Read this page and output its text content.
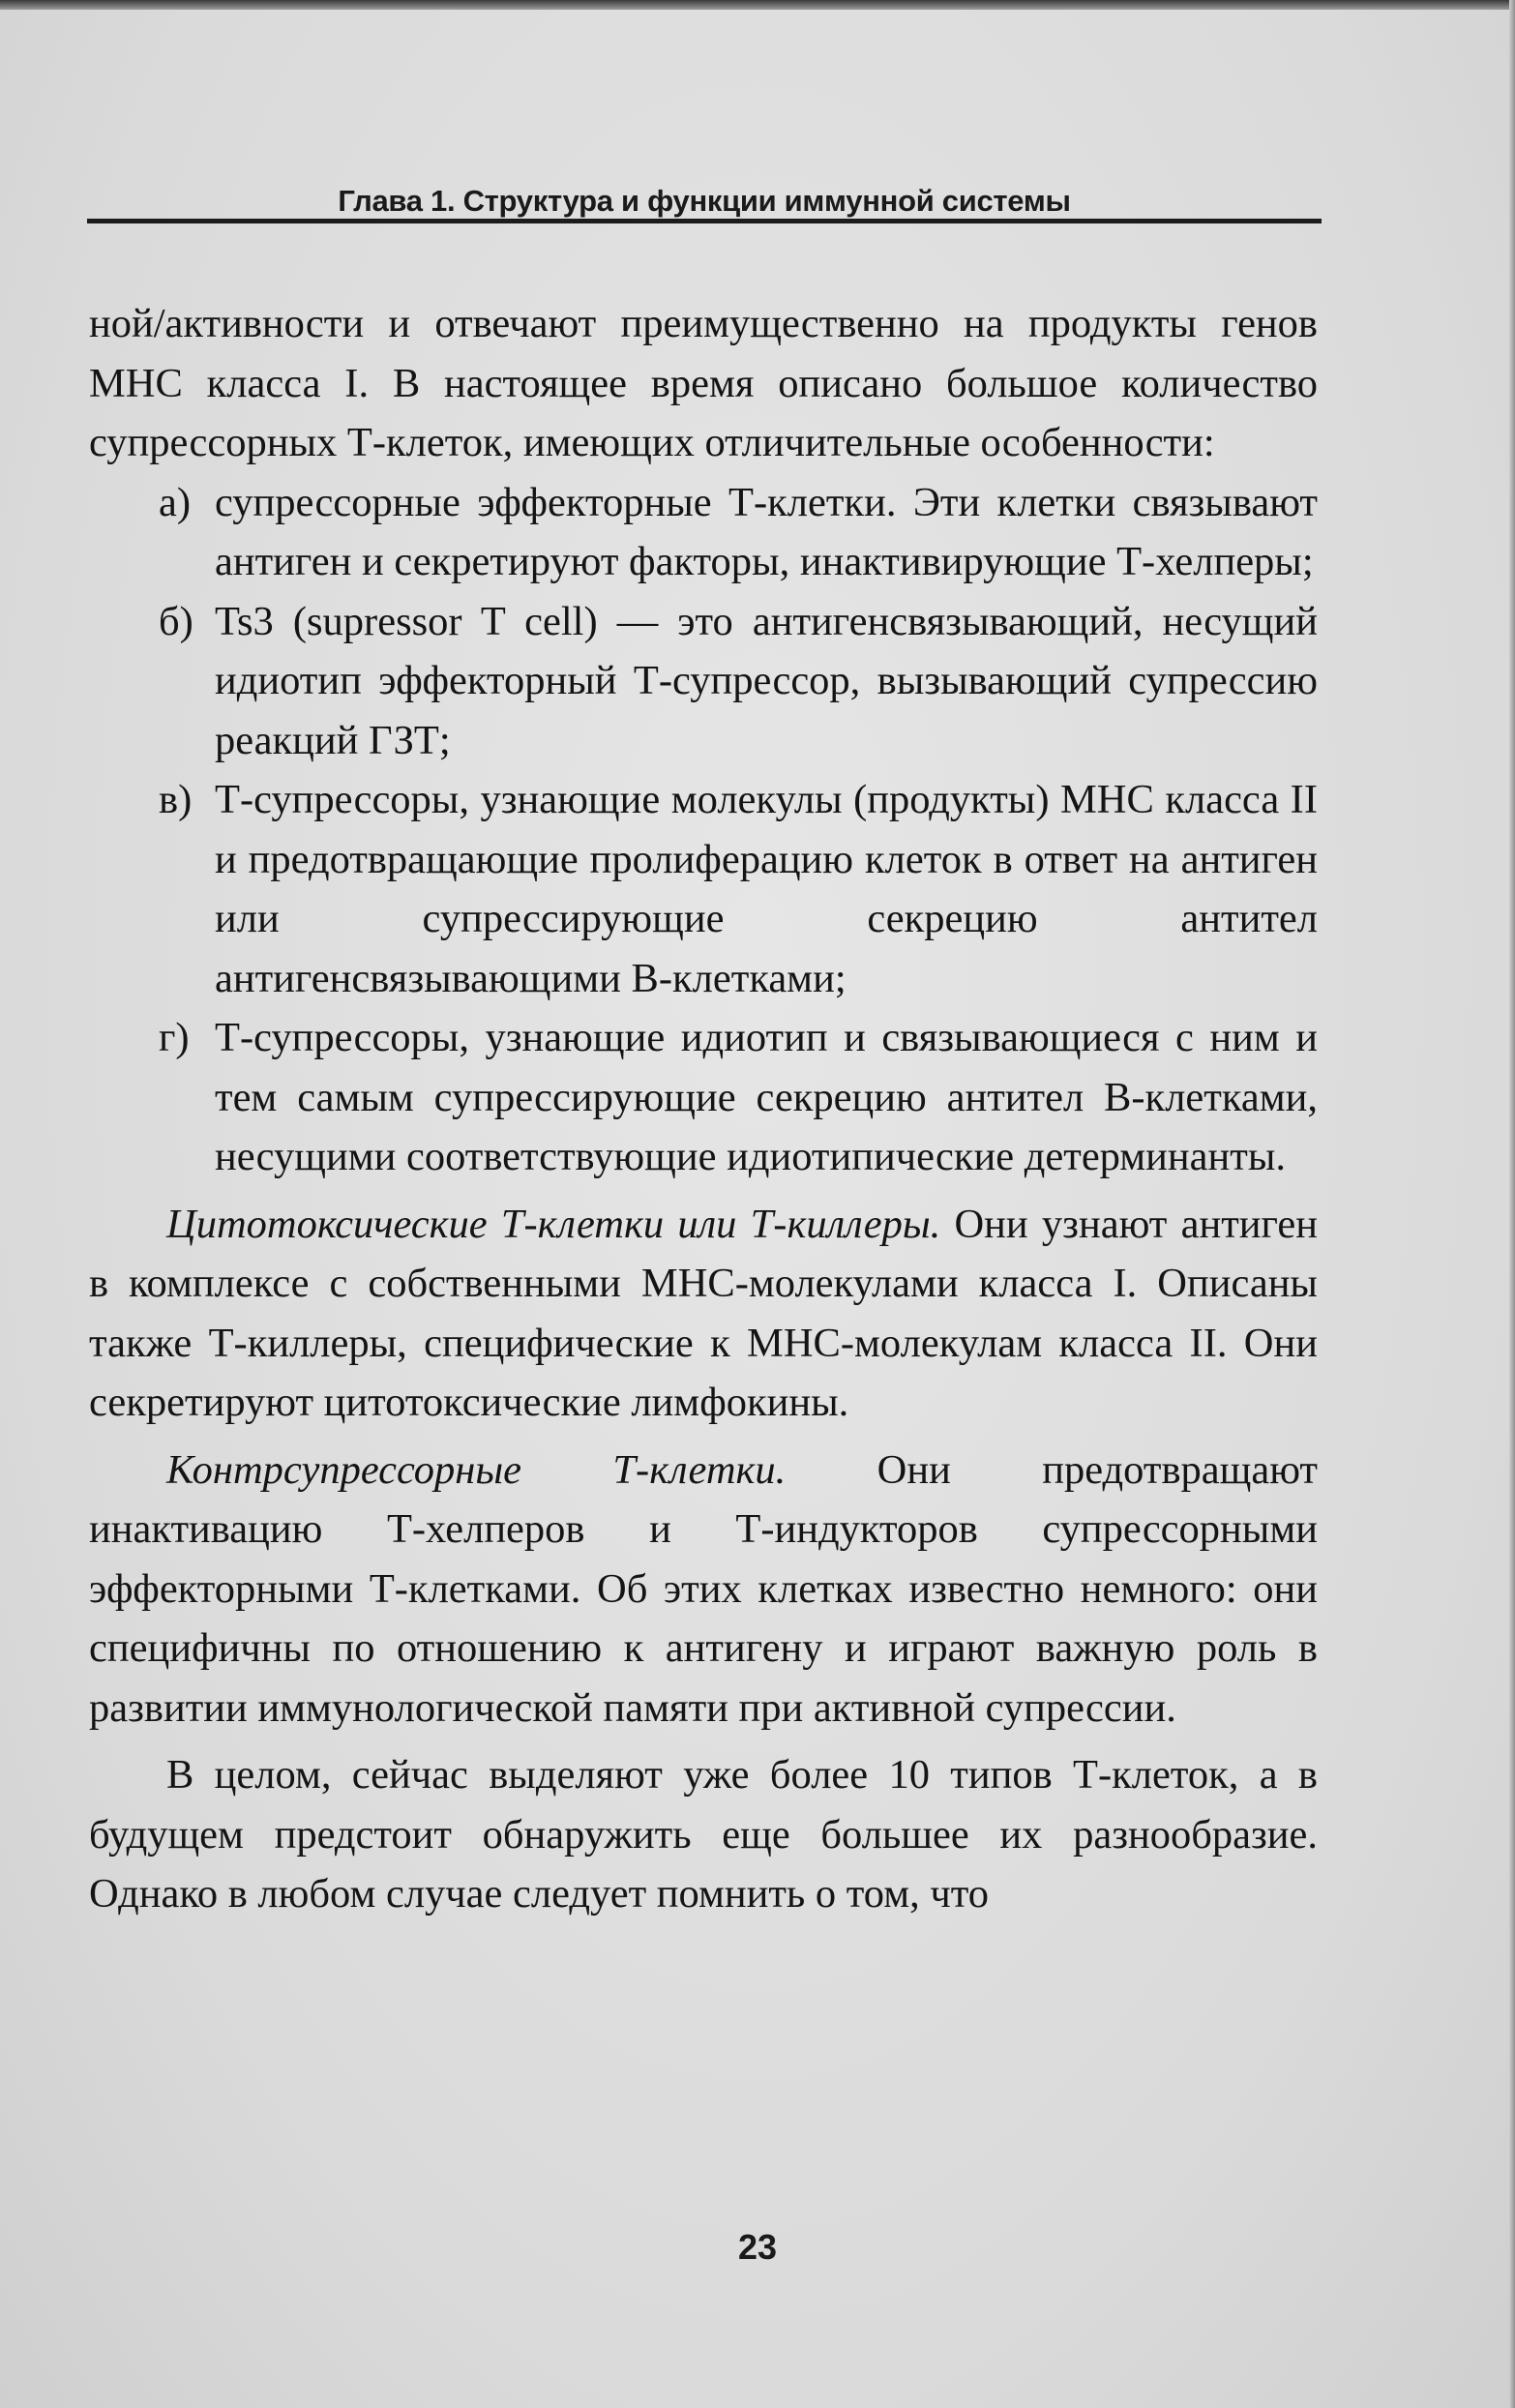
Глава 1. Структура и функции иммунной системы

ной/активности и отвечают преимущественно на продукты генов МНС класса I. В настоящее время описано большое количество супрессорных Т-клеток, имеющих отличительные особенности:

а) супрессорные эффекторные Т-клетки. Эти клетки связывают антиген и секретируют факторы, инактивирующие Т-хелперы;
б) Ts3 (supressor T cell) — это антигенсвязывающий, несущий идиотип эффекторный Т-супрессор, вызывающий супрессию реакций ГЗТ;
в) Т-супрессоры, узнающие молекулы (продукты) МНС класса II и предотвращающие пролиферацию клеток в ответ на антиген или супрессирующие секрецию антител антигенсвязывающими В-клетками;
г) Т-супрессоры, узнающие идиотип и связывающиеся с ним и тем самым супрессирующие секрецию антител В-клетками, несущими соответствующие идиотипические детерминанты.

Цитотоксические Т-клетки или Т-киллеры. Они узнают антиген в комплексе с собственными МНС-молекулами класса I. Описаны также Т-киллеры, специфические к МНС-молекулам класса II. Они секретируют цитотоксические лимфокины.

Контрсупрессорные Т-клетки. Они предотвращают инактивацию Т-хелперов и Т-индукторов супрессорными эффекторными Т-клетками. Об этих клетках известно немного: они специфичны по отношению к антигену и играют важную роль в развитии иммунологической памяти при активной супрессии.

В целом, сейчас выделяют уже более 10 типов Т-клеток, а в будущем предстоит обнаружить еще большее их разнообразие. Однако в любом случае следует помнить о том, что

23
